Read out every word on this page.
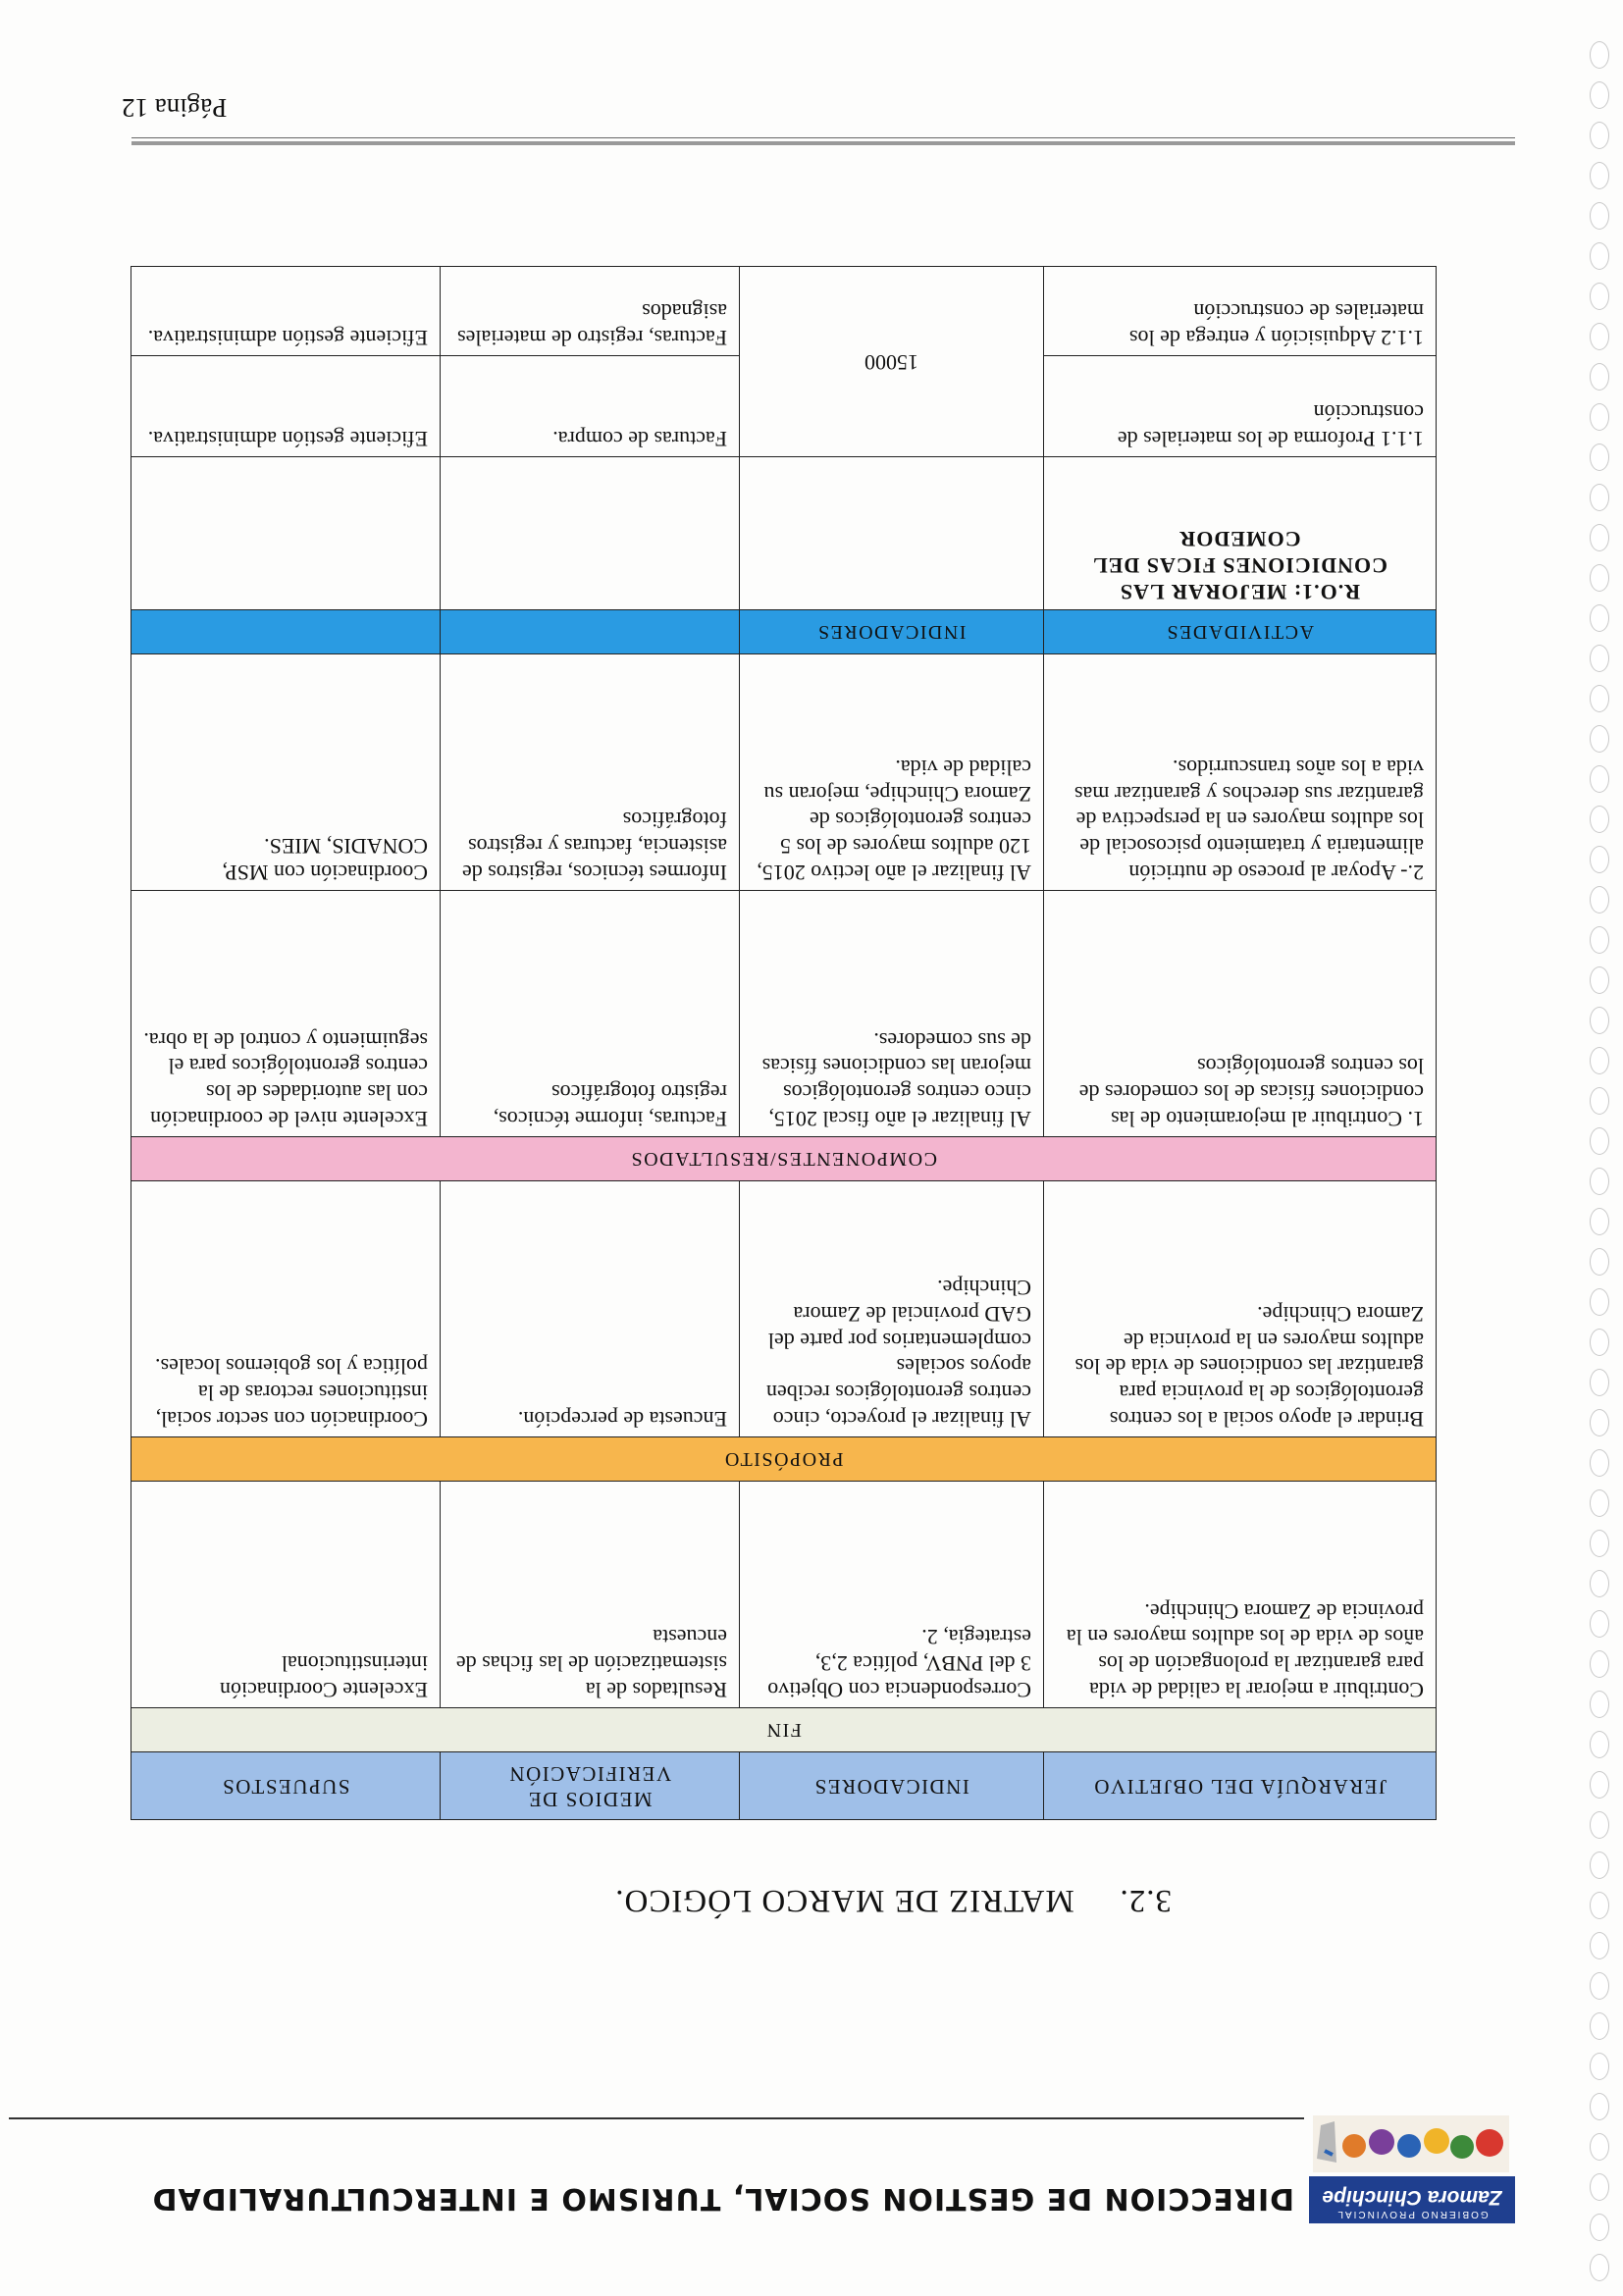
GOBIERNO PROVINCIAL
Zamora Chinchipe
DIRECCION DE GESTION SOCIAL, TURISMO E INTERCULTURALIDAD
3.2. MATRIZ DE MARCO LÓGICO.
JERARQUÍA DEL OBJETIVO	INDICADORES	MEDIOS DE VERIFICACIÓN	SUPUESTOS
FIN			
Contribuir a mejorar la calidad de vida para garantizar la prolongación de los años de vida de los adultos mayores en la provincia de Zamora Chinchipe.	Correspondencia con Objetivo 3 del PNBV, política 2,3, estrategia, 2.	Resultados de la sistematización de las fichas de encuesta	Excelente Coordinación interinstitucional
PROPÓSITO			
Brindar el apoyo social a los centros gerontológicos de la provincia para garantizar las condiciones de vida de los adultos mayores en la provincia de Zamora Chinchipe.	Al finalizar el proyecto, cinco centros gerontológicos reciben apoyos sociales complementarios por parte del GAD provincial de Zamora Chinchipe.	Encuesta de percepción.	Coordinación con sector social, instituciones rectoras de la política y los gobiernos locales.
COMPONENTES/RESULTADOS			
1. Contribuir al mejoramiento de las condiciones físicas de los comedores de los centros gerontológicos	Al finalizar el año fiscal 2015, cinco centros gerontológicos mejoran las condiciones físicas de sus comedores.	Facturas, informe técnicos, registro fotográficos	Excelente nivel de coordinación con las autoridades de los centros gerontológicos para el seguimiento y control de la obra.
2.- Apoyar al proceso de nutrición alimentaria y tratamiento psicosocial de los adultos mayores en la perspectiva de garantizar sus derechos y garantizar mas vida a los años transcurridos.	Al finalizar el año lectivo 2015, 120 adultos mayores de los 5 centros gerontológicos de Zamora Chinchipe, mejoran su calidad de vida.	Informes técnicos, registros de asistencia, facturas y registros fotográficos	Coordinación con MSP, CONADIS, MIES.
ACTIVIDADES	INDICADORES		
R.O.1: MEJORAR LAS CONDICIONES FICAS DEL COMEDOR			
1.1.1 Proforma de los materiales de construcción	15000	Facturas de compra.	Eficiente gestión administrativa.
1.1.2 Adquisición y entrega de los materiales de construcción		Facturas, registro de materiales asignados	Eficiente gestión administrativa.
Página 12
